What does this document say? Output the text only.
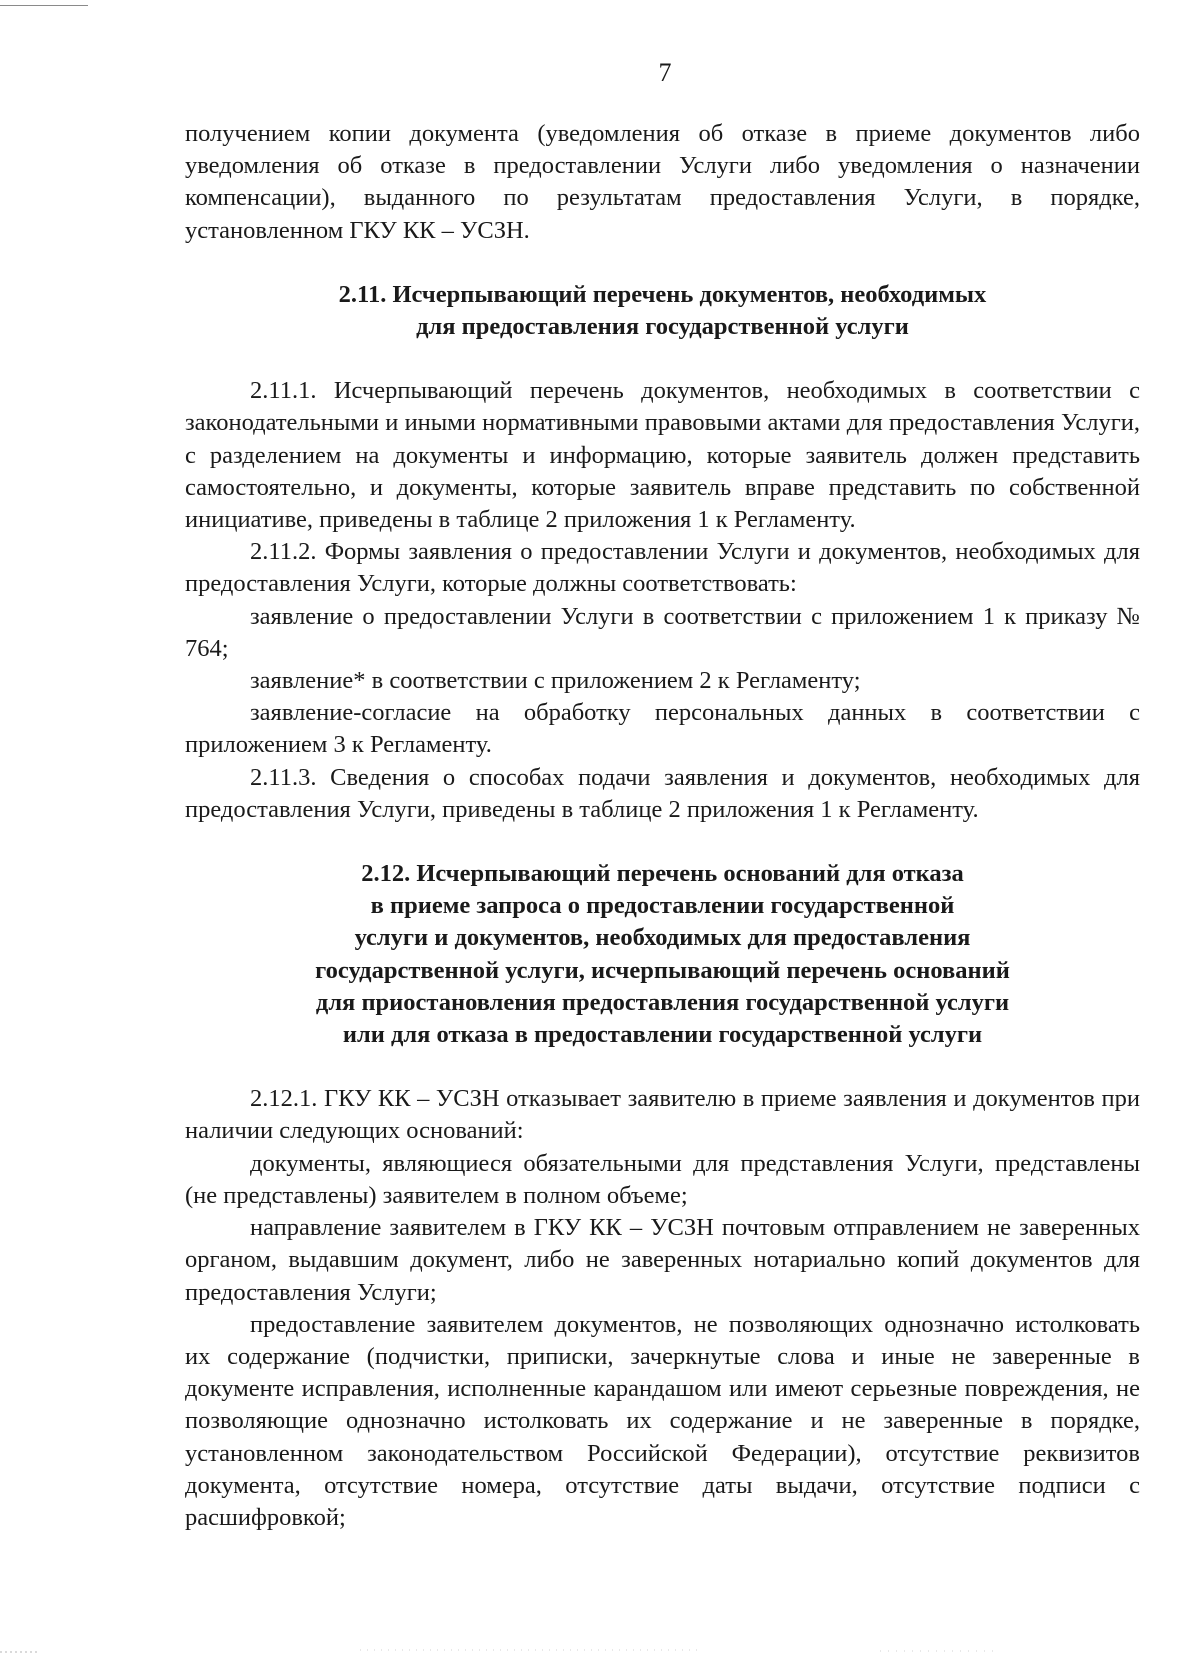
7

получением копии документа (уведомления об отказе в приеме документов либо уведомления об отказе в предоставлении Услуги либо уведомления о назначении компенсации), выданного по результатам предоставления Услуги, в порядке, установленном ГКУ КК – УСЗН.

2.11. Исчерпывающий перечень документов, необходимых
для предоставления государственной услуги

2.11.1. Исчерпывающий перечень документов, необходимых в соответствии с законодательными и иными нормативными правовыми актами для предоставления Услуги, с разделением на документы и информацию, которые заявитель должен представить самостоятельно, и документы, которые заявитель вправе представить по собственной инициативе, приведены в таблице 2 приложения 1 к Регламенту.

2.11.2. Формы заявления о предоставлении Услуги и документов, необходимых для предоставления Услуги, которые должны соответствовать:

заявление о предоставлении Услуги в соответствии с приложением 1 к приказу № 764;

заявление* в соответствии с приложением 2 к Регламенту;

заявление-согласие на обработку персональных данных в соответствии с приложением 3 к Регламенту.

2.11.3. Сведения о способах подачи заявления и документов, необходимых для предоставления Услуги, приведены в таблице 2 приложения 1 к Регламенту.

2.12. Исчерпывающий перечень оснований для отказа
в приеме запроса о предоставлении государственной
услуги и документов, необходимых для предоставления
государственной услуги, исчерпывающий перечень оснований
для приостановления предоставления государственной услуги
или для отказа в предоставлении государственной услуги

2.12.1. ГКУ КК – УСЗН отказывает заявителю в приеме заявления и документов при наличии следующих оснований:

документы, являющиеся обязательными для представления Услуги, представлены (не представлены) заявителем в полном объеме;

направление заявителем в ГКУ КК – УСЗН почтовым отправлением не заверенных органом, выдавшим документ, либо не заверенных нотариально копий документов для предоставления Услуги;

предоставление заявителем документов, не позволяющих однозначно истолковать их содержание (подчистки, приписки, зачеркнутые слова и иные не заверенные в документе исправления, исполненные карандашом или имеют серьезные повреждения, не позволяющие однозначно истолковать их содержание и не заверенные в порядке, установленном законодательством Российской Федерации), отсутствие реквизитов документа, отсутствие номера, отсутствие даты выдачи, отсутствие подписи с расшифровкой;
